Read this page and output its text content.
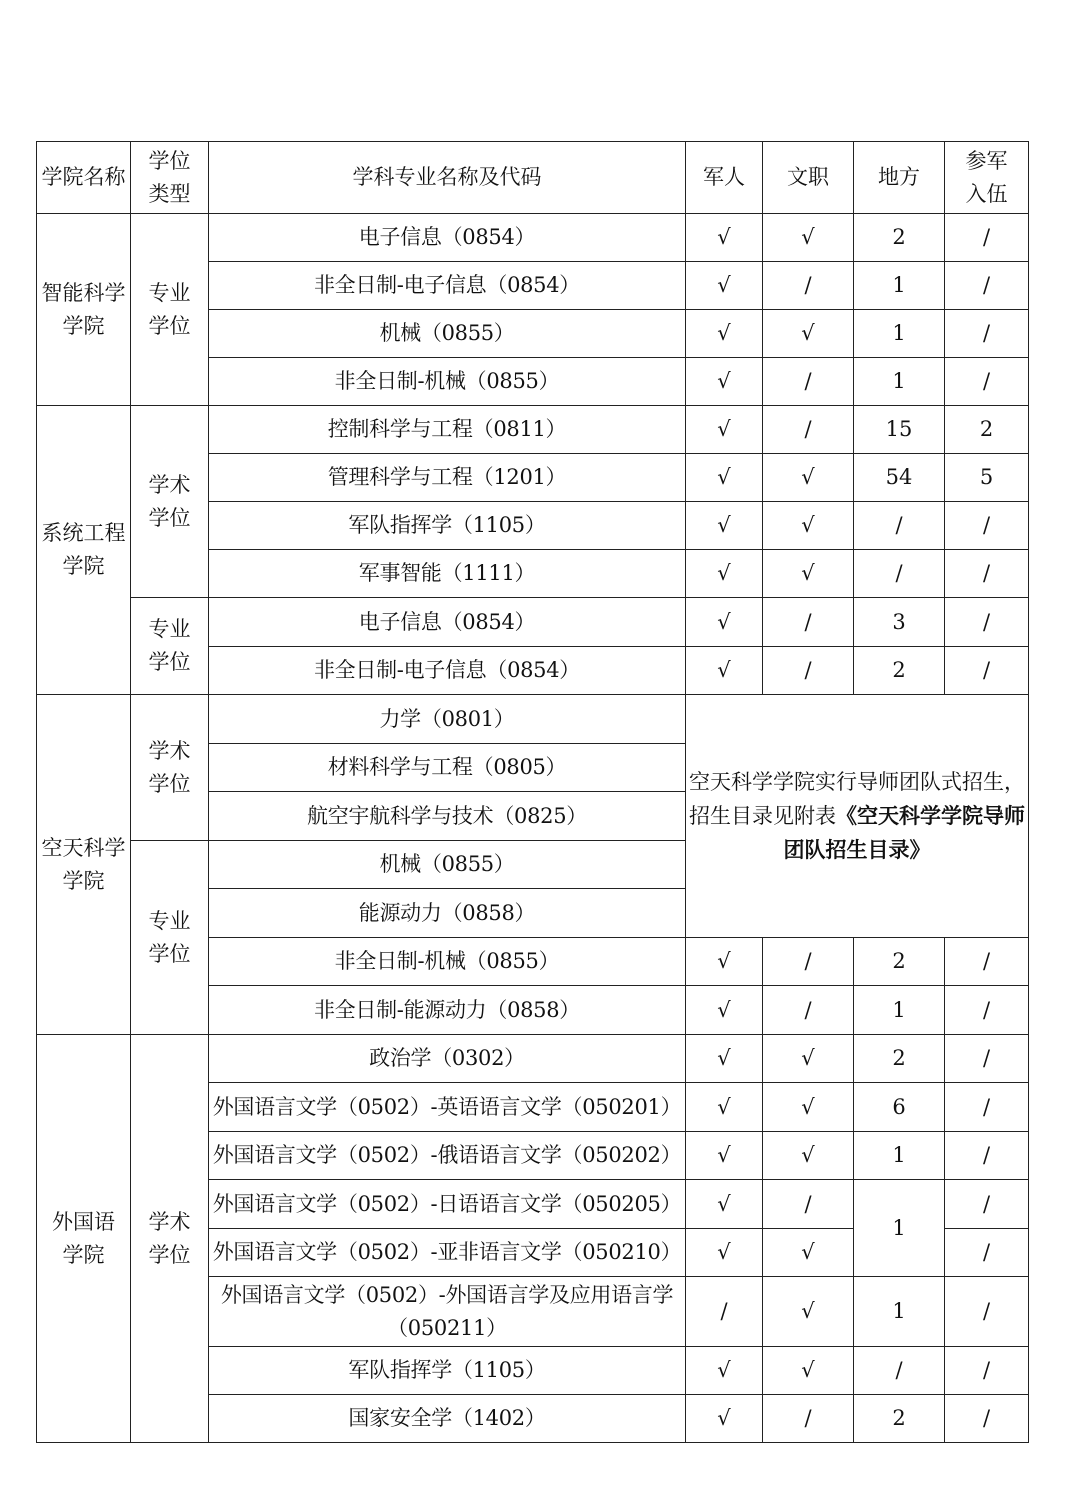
学院名称	学位类型	学科专业名称及代码	军人	文职	地方	参军入伍
智能科学学院	专业学位	电子信息（0854）	√	√	2	/
		非全日制-电子信息（0854）	√	/	1	/
		机械（0855）	√	√	1	/
		非全日制-机械（0855）	√	/	1	/
系统工程学院	学术学位	控制科学与工程（0811）	√	/	15	2
		管理科学与工程（1201）	√	√	54	5
		军队指挥学（1105）	√	√	/	/
		军事智能（1111）	√	√	/	/
	专业学位	电子信息（0854）	√	/	3	/
		非全日制-电子信息（0854）	√	/	2	/
空天科学学院	学术学位	力学（0801）	空天科学学院实行导师团队式招生，招生目录见附表《空天科学学院导师团队招生目录》			
		材料科学与工程（0805）				
		航空宇航科学与技术（0825）				
	专业学位	机械（0855）				
		能源动力（0858）				
		非全日制-机械（0855）	√	/	2	/
		非全日制-能源动力（0858）	√	/	1	/
外国语学院	学术学位	政治学（0302）	√	√	2	/
		外国语言文学（0502）-英语语言文学（050201）	√	√	6	/
		外国语言文学（0502）-俄语语言文学（050202）	√	√	1	/
		外国语言文学（0502）-日语语言文学（050205）	√	/	1	/
		外国语言文学（0502）-亚非语言文学（050210）	√	√		/
		外国语言文学（0502）-外国语言学及应用语言学（050211）	/	√	1	/
		军队指挥学（1105）	√	√	/	/
		国家安全学（1402）	√	/	2	/
